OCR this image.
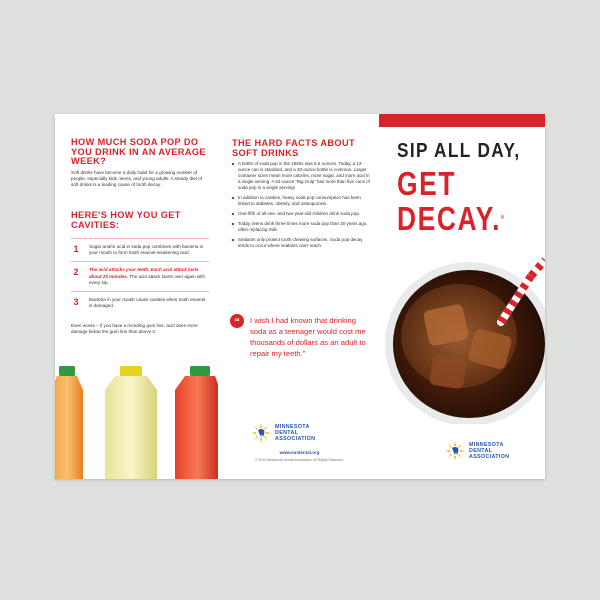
HOW MUCH SODA POP DO YOU DRINK IN AN AVERAGE WEEK?
Soft drinks have become a daily habit for a growing number of people, especially kids, teens, and young adults. A steady diet of soft drinks is a leading cause of tooth decay.
HERE'S HOW YOU GET CAVITIES:
1	Sugar and/or acid in soda pop combines with bacteria in your mouth to form tooth enamel-weakening acid.
2	The acid attacks your teeth. Each acid attack lasts about 20 minutes. The acid attack starts over again with every sip.
3	Bacteria in your mouth cause cavities when tooth enamel is damaged.
Even worse – if you have a receding gum line, acid does more damage below the gum line than above it.
THE HARD FACTS ABOUT SOFT DRINKS
A bottle of soda pop in the 1950s was 6.5 ounces. Today, a 12-ounce can is standard, and a 20-ounce bottle is common. Larger container sizes mean more calories, more sugar, and more acid in a single serving. A 64-ounce “Big Gulp” has more than five cans of soda pop in a single serving!
In addition to cavities, heavy soda pop consumption has been linked to diabetes, obesity, and osteoporosis.
One-fifth of all one- and two-year-old children drink soda pop.
Today, teens drink three times more soda pop than 20 years ago, often replacing milk.
Sealants only protect tooth chewing surfaces. Soda pop decay tends to occur where sealants can't reach.
“	I wish I had known that drinking soda as a teenager would cost me thousands of dollars as an adult to repair my teeth.”
MINNESOTA
DENTAL
ASSOCIATION
www.mndental.org
© 2014 Minnesota Dental Association. All Rights Reserved.
SIP ALL DAY,
GET
DECAY.®
MINNESOTA
DENTAL
ASSOCIATION
